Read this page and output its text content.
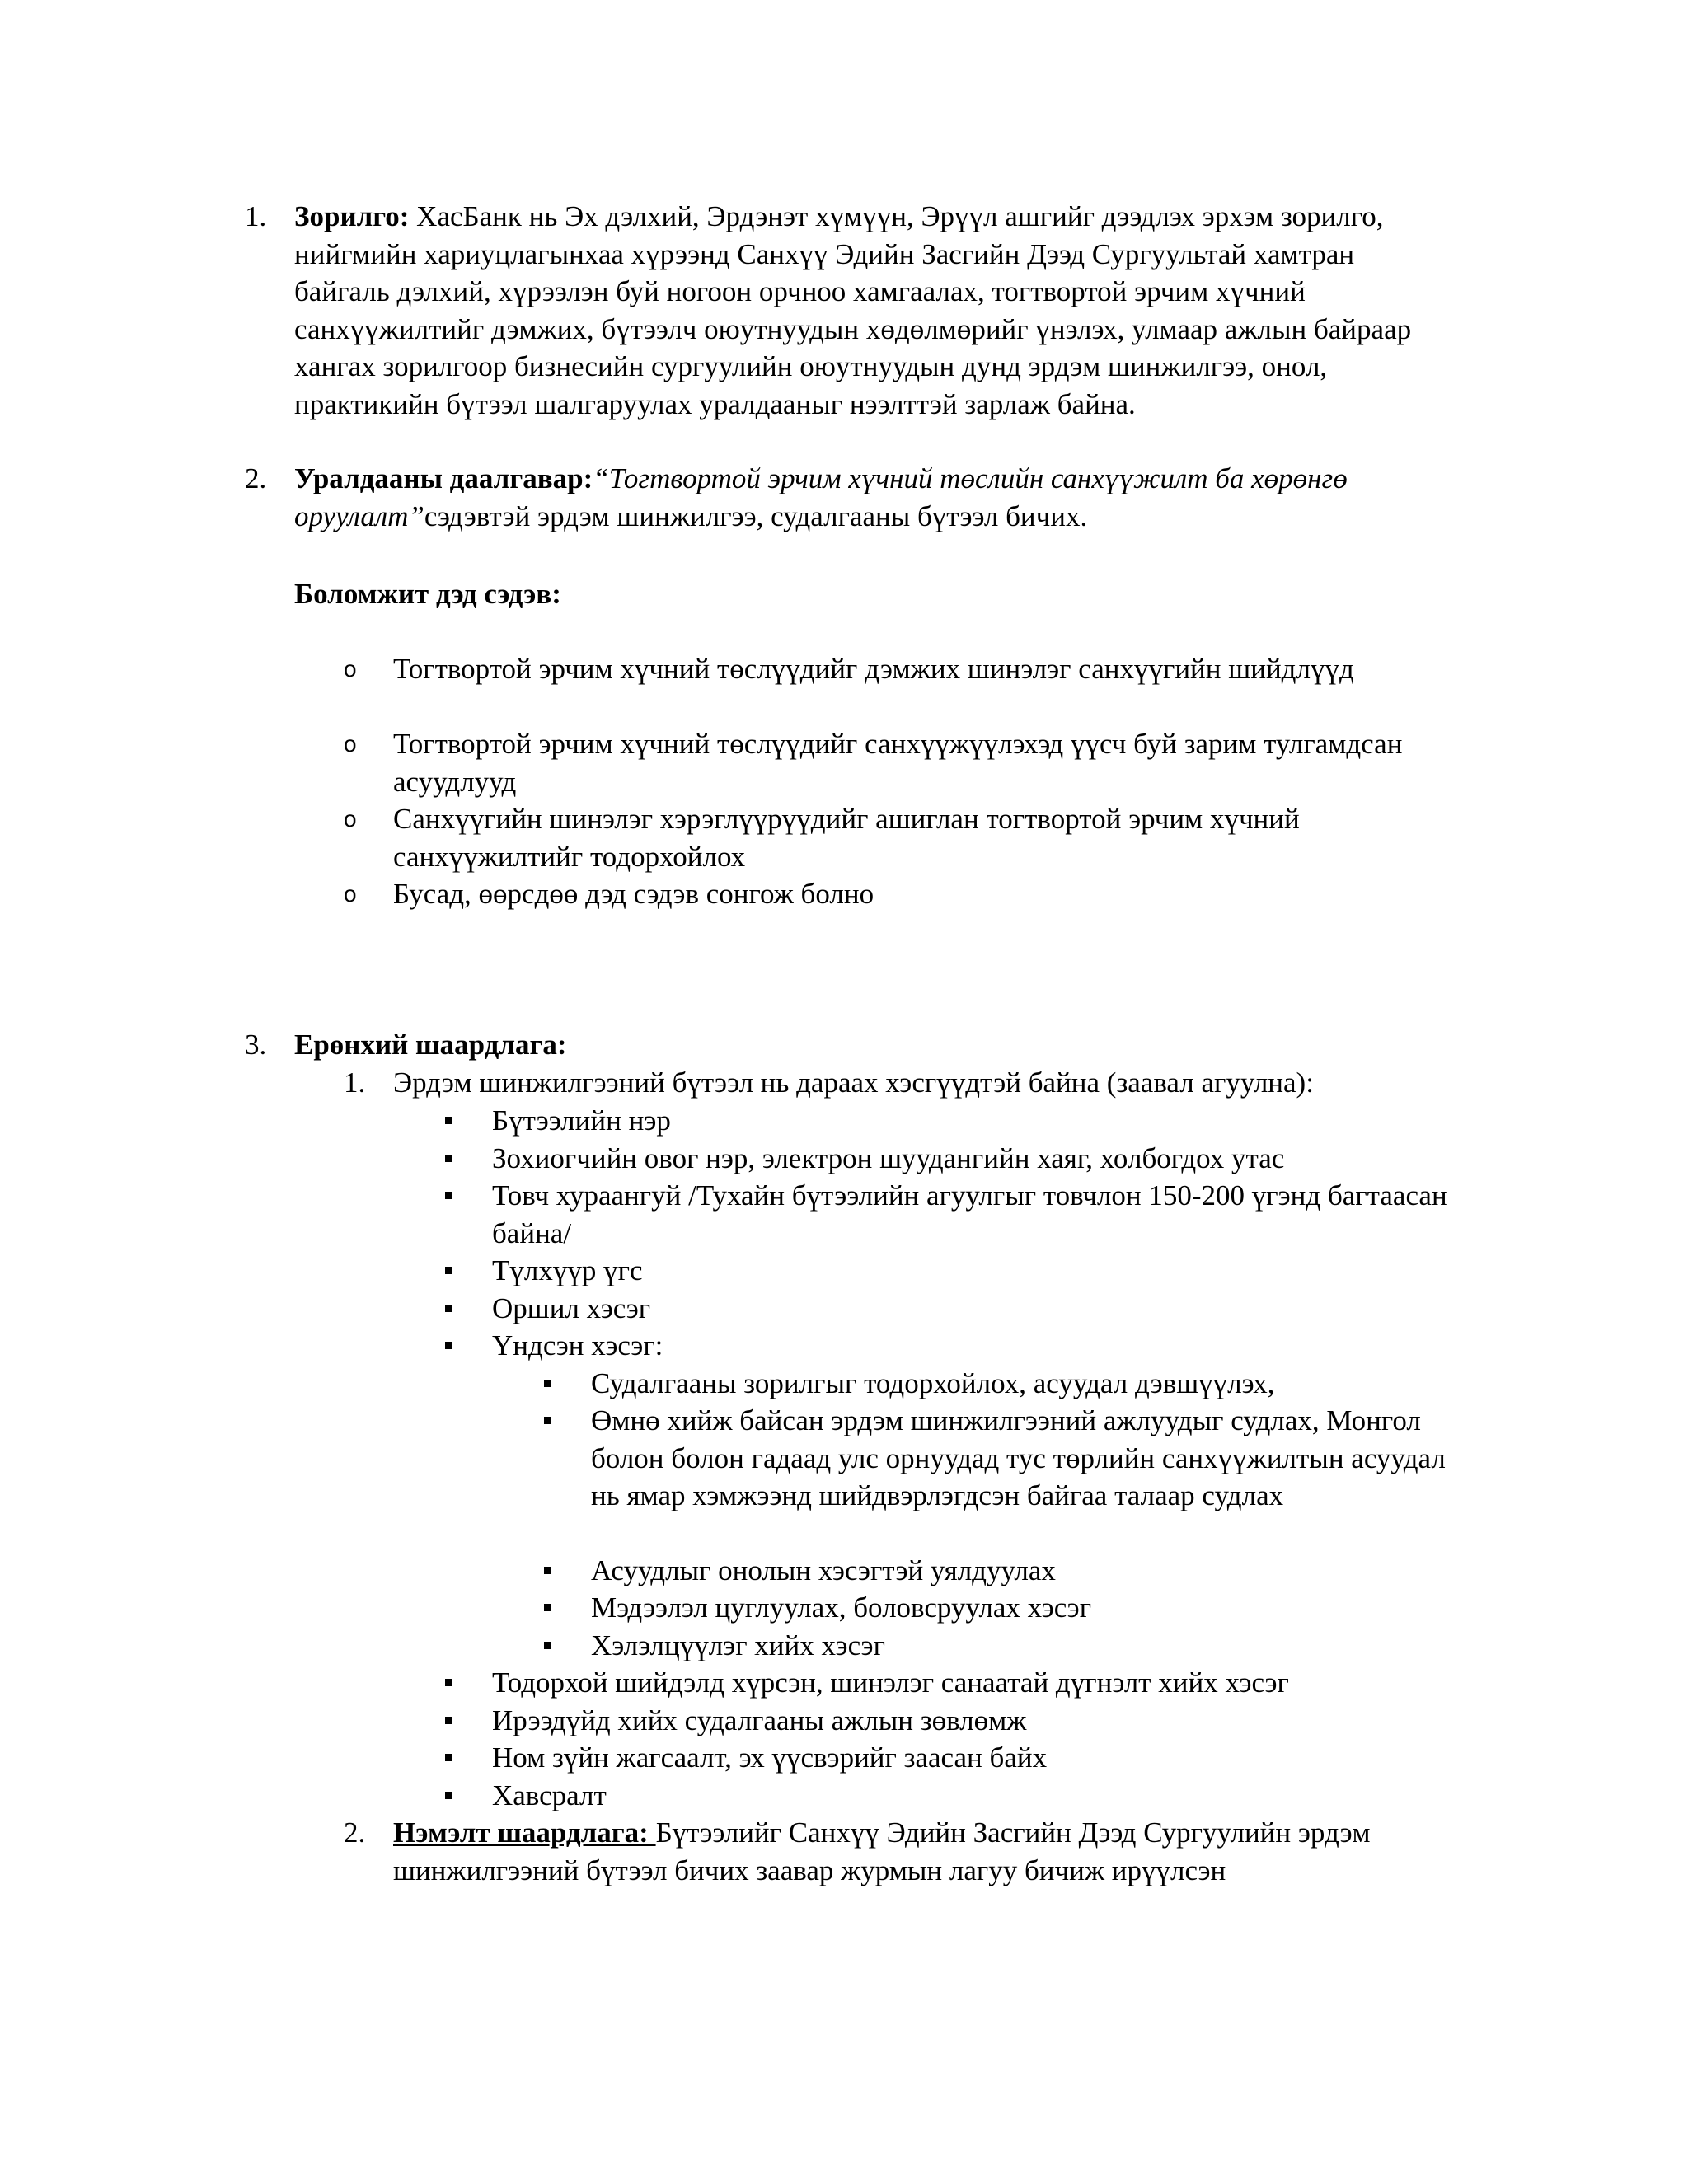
1. Зорилго: ХасБанк нь Эх дэлхий, Эрдэнэт хүмүүн, Эрүүл ашгийг дээдлэх эрхэм зорилго, нийгмийн хариуцлагынхаа хүрээнд Санхүү Эдийн Засгийн Дээд Сургуультай хамтран байгаль дэлхий, хүрээлэн буй ногоон орчноо хамгаалах, тогтвортой эрчим хүчний санхүүжилтийг дэмжих, бүтээлч оюутнуудын хөдөлмөрийг үнэлэх, улмаар ажлын байраар хангах зорилгоор бизнесийн сургуулийн оюутнуудын дунд эрдэм шинжилгээ, онол, практикийн бүтээл шалгаруулах уралдааныг нээлттэй зарлаж байна.
2. Уралдааны даалгавар:“Тогтвортой эрчим хүчний төслийн санхүүжилт ба хөрөнгө оруулалт”сэдэвтэй эрдэм шинжилгээ, судалгааны бүтээл бичих.
Боломжит дэд сэдэв:
o Тогтвортой эрчим хүчний төслүүдийг дэмжих шинэлэг санхүүгийн шийдлүүд
o Тогтвортой эрчим хүчний төслүүдийг санхүүжүүлэхэд үүсч буй зарим тулгамдсан асуудлууд
o Санхүүгийн шинэлэг хэрэглүүрүүдийг ашиглан тогтвортой эрчим хүчний санхүүжилтийг тодорхойлох
o Бусад, өөрсдөө дэд сэдэв сонгож болно
3. Ерөнхий шаардлага:
1. Эрдэм шинжилгээний бүтээл нь дараах хэсгүүдтэй байна (заавал агуулна):
Бүтээлийн нэр
Зохиогчийн овог нэр, электрон шуудангийн хаяг, холбогдох утас
Товч хураангуй /Тухайн бүтээлийн агуулгыг товчлон 150-200 үгэнд багтаасан байна/
Түлхүүр үгс
Оршил хэсэг
Үндсэн хэсэг:
Судалгааны зорилгыг тодорхойлох, асуудал дэвшүүлэх,
Өмнө хийж байсан эрдэм шинжилгээний ажлуудыг судлах, Монгол болон болон гадаад улс орнуудад тус төрлийн санхүүжилтын асуудал нь ямар хэмжээнд шийдвэрлэгдсэн байгаа талаар судлах
Асуудлыг онолын хэсэгтэй уялдуулах
Мэдээлэл цуглуулах, боловсруулах хэсэг
Хэлэлцүүлэг хийх хэсэг
Тодорхой шийдэлд хүрсэн, шинэлэг санаатай дүгнэлт хийх хэсэг
Ирээдүйд хийх судалгааны ажлын зөвлөмж
Ном зүйн жагсаалт, эх үүсвэрийг заасан байх
Хавсралт
2. Нэмэлт шаардлага: Бүтээлийг Санхүү Эдийн Засгийн Дээд Сургуулийн эрдэм шинжилгээний бүтээл бичих заавар журмын лагуу бичиж ирүүлсэн
